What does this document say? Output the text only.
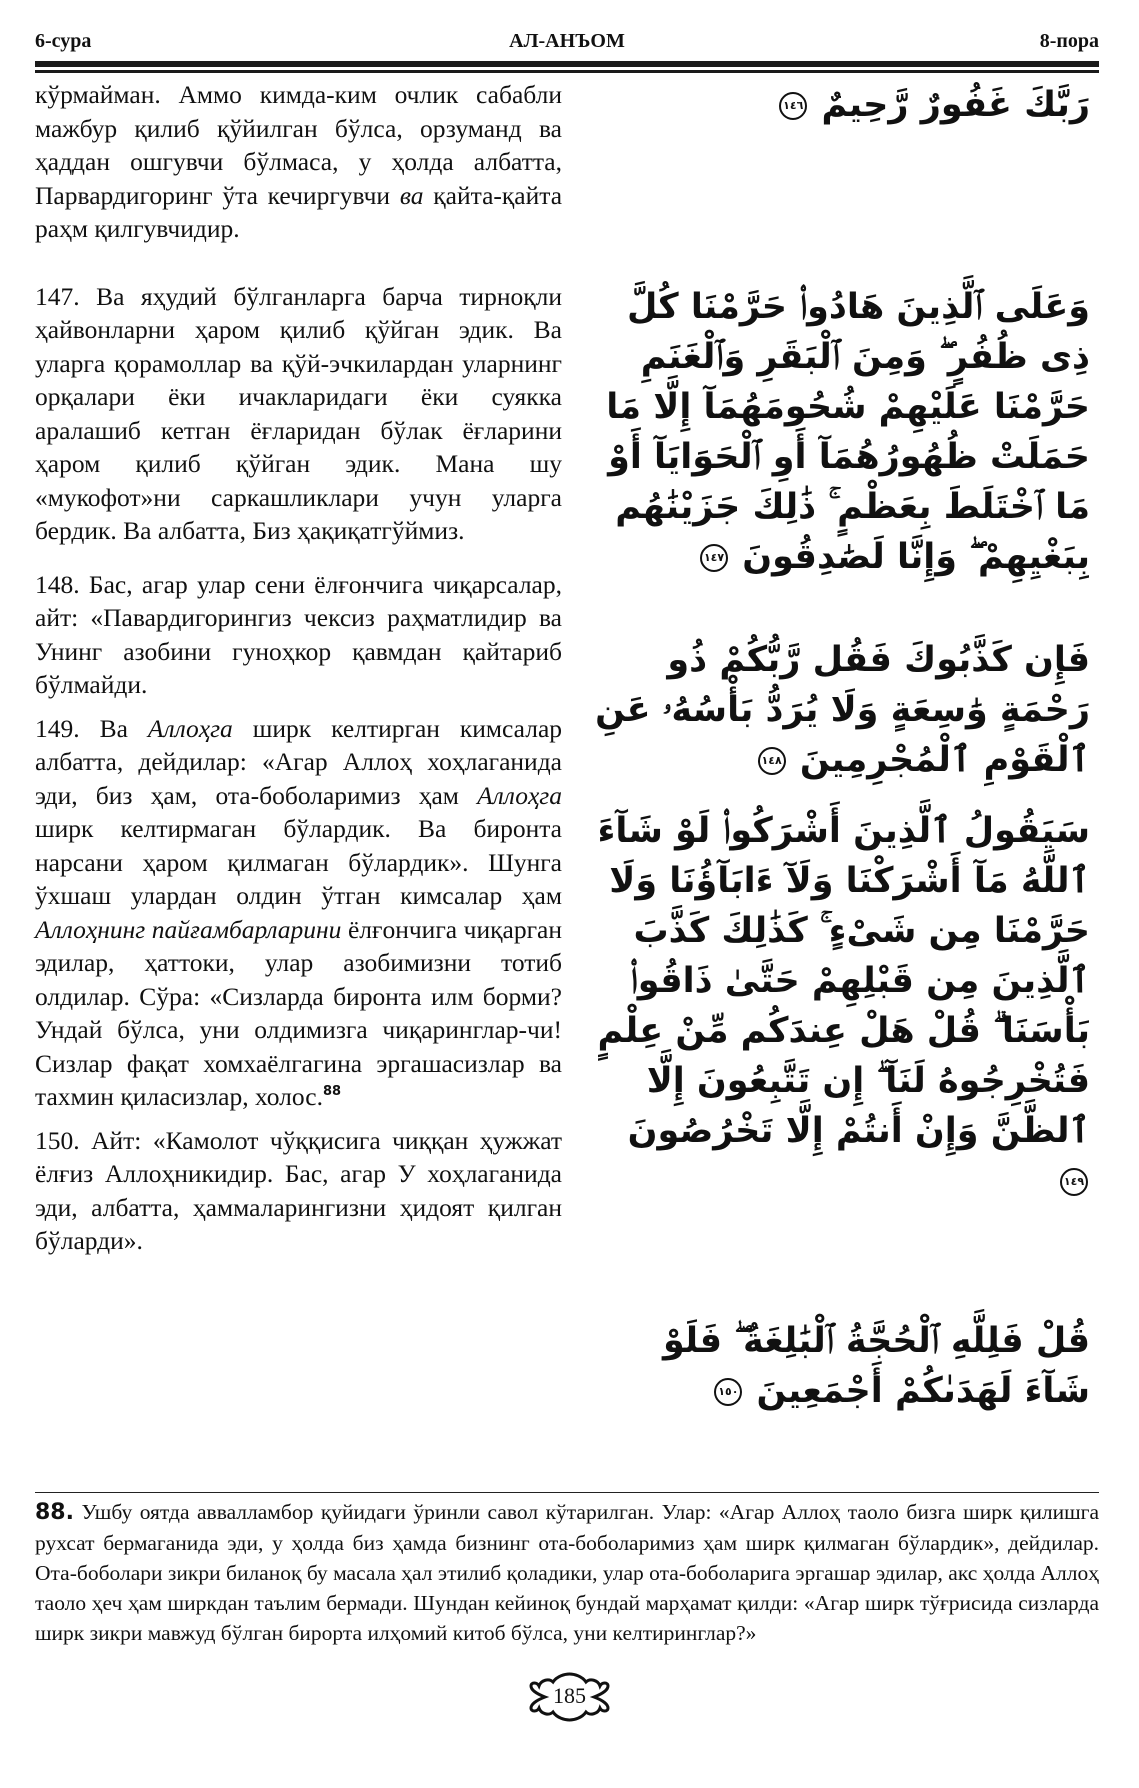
6-сура	АЛ-АНЪОМ	8-пора

кўрмайман. Аммо кимда-ким очлик сабабли мажбур қилиб қўйилган бўлса, орзуманд ва ҳаддан ошгувчи бўлмаса, у ҳолда албатта, Парвардигоринг ўта кечиргувчи ва қайта-қайта раҳм қилгувчидир.

147. Ва яҳудий бўлганларга барча тирноқли ҳайвонларни ҳаром қилиб қўйган эдик. Ва уларга қорамоллар ва қўй-эчкилардан уларнинг орқалари ёки ичакларидаги ёки суякка аралашиб кетган ёғларидан бўлак ёғларини ҳаром қилиб қўйган эдик. Мана шу «мукофот»ни саркашликлари учун уларга бердик. Ва албатта, Биз ҳақиқатгўймиз.

148. Бас, агар улар сени ёлғончига чиқарсалар, айт: «Павардигорингиз чексиз раҳматлидир ва Унинг азобини гуноҳкор қавмдан қайтариб бўлмайди.

149. Ва Аллоҳга ширк келтирган кимсалар албатта, дейдилар: «Агар Аллоҳ хоҳлаганида эди, биз ҳам, ота-боболаримиз ҳам Аллоҳга ширк келтирмаган бўлардик. Ва биронта нарсани ҳаром қилмаган бўлардик». Шунга ўхшаш улардан олдин ўтган кимсалар ҳам Аллоҳнинг пайғамбарларини ёлғончига чиқарган эдилар, ҳаттоки, улар азобимизни тотиб олдилар. Сўра: «Сизларда биронта илм борми? Ундай бўлса, уни олдимизга чиқаринглар-чи! Сизлар фақат хомхаёлгагина эргашасизлар ва тахмин қиласизлар, холос.$^{88}$

150. Айт: «Камолот чўққисига чиққан ҳужжат ёлғиз Аллоҳникидир. Бас, агар У хоҳлаганида эди, албатта, ҳаммаларингизни ҳидоят қилган бўларди».

رَبَّكَ غَفُورٌ رَّحِيمٌ ١٤٦
وَعَلَى ٱلَّذِينَ هَادُوا۟ حَرَّمْنَا كُلَّ ذِى ظُفُرٍ ۖ وَمِنَ ٱلْبَقَرِ وَٱلْغَنَمِ حَرَّمْنَا عَلَيْهِمْ شُحُومَهُمَآ إِلَّا مَا حَمَلَتْ ظُهُورُهُمَآ أَوِ ٱلْحَوَايَآ أَوْ مَا ٱخْتَلَطَ بِعَظْمٍ ۚ ذَٰلِكَ جَزَيْنَٰهُم بِبَغْيِهِمْ ۖ وَإِنَّا لَصَٰدِقُونَ ١٤٧
فَإِن كَذَّبُوكَ فَقُل رَّبُّكُمْ ذُو رَحْمَةٍ وَٰسِعَةٍ وَلَا يُرَدُّ بَأْسُهُۥ عَنِ ٱلْقَوْمِ ٱلْمُجْرِمِينَ ١٤٨
سَيَقُولُ ٱلَّذِينَ أَشْرَكُوا۟ لَوْ شَآءَ ٱللَّهُ مَآ أَشْرَكْنَا وَلَآ ءَابَآؤُنَا وَلَا حَرَّمْنَا مِن شَىْءٍ ۚ كَذَٰلِكَ كَذَّبَ ٱلَّذِينَ مِن قَبْلِهِمْ حَتَّىٰ ذَاقُوا۟ بَأْسَنَا ۗ قُلْ هَلْ عِندَكُم مِّنْ عِلْمٍ فَتُخْرِجُوهُ لَنَآ ۖ إِن تَتَّبِعُونَ إِلَّا ٱلظَّنَّ وَإِنْ أَنتُمْ إِلَّا تَخْرُصُونَ ١٤٩
قُلْ فَلِلَّهِ ٱلْحُجَّةُ ٱلْبَٰلِغَةُ ۖ فَلَوْ شَآءَ لَهَدَىٰكُمْ أَجْمَعِينَ ١٥٠
88. Ушбу оятда аввалламбор қуйидаги ўринли савол кўтарилган. Улар: «Агар Аллоҳ таоло бизга ширк қилишга рухсат бермаганида эди, у ҳолда биз ҳамда бизнинг ота-боболаримиз ҳам ширк қилмаган бўлардик», дейдилар. Ота-боболари зикри биланоқ бу масала ҳал этилиб қоладики, улар ота-боболарига эргашар эдилар, акс ҳолда Аллоҳ таоло ҳеч ҳам ширкдан таълим бермади. Шундан кейиноқ бундай марҳамат қилди: «Агар ширк тўғрисида сизларда ширк зикри мавжуд бўлган бирорта илҳомий китоб бўлса, уни келтиринглар?»
185
